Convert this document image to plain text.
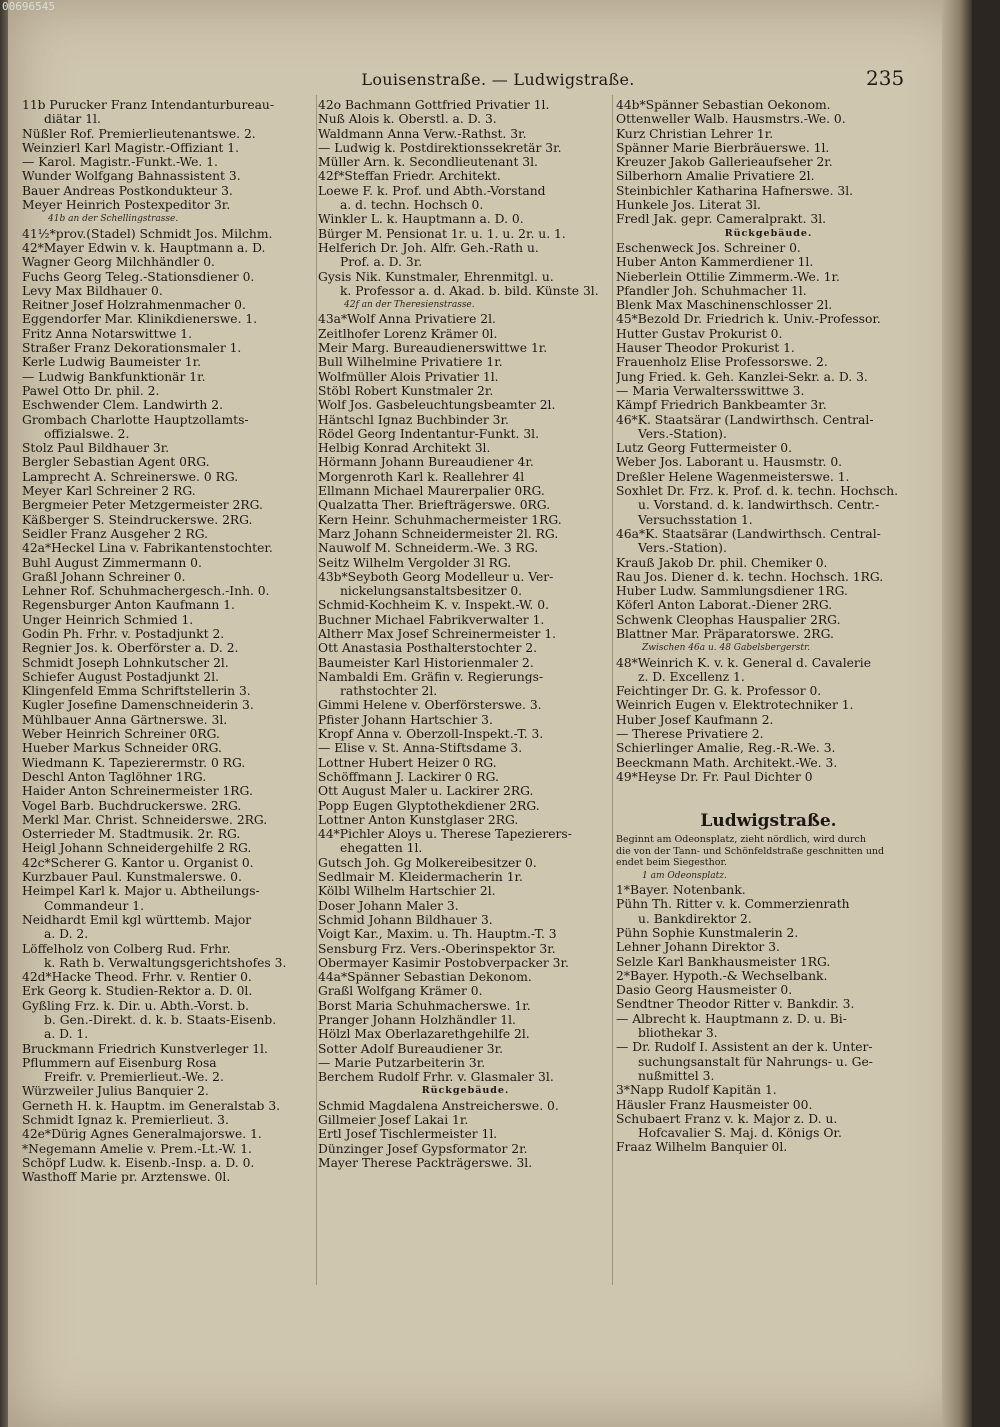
Louisenstraße. — Ludwigstraße.	235
11b Purucker Franz Intendanturbureau-
diätar 1l.
Nüßler Rof. Premierlieutenantswe. 2.
Weinzierl Karl Magistr.-Offiziant 1.
— Karol. Magistr.-Funkt.-We. 1.
Wunder Wolfgang Bahnassistent 3.
Bauer Andreas Postkondukteur 3.
Meyer Heinrich Postexpeditor 3r.
41b an der Schellingstrasse.
41½*prov.(Stadel) Schmidt Jos. Milchm.
42*Mayer Edwin v. k. Hauptmann a. D.
Wagner Georg Milchhändler 0.
Fuchs Georg Teleg.-Stationsdiener 0.
Levy Max Bildhauer 0.
Reitner Josef Holzrahmenmacher 0.
Eggendorfer Mar. Klinikdienerswe. 1.
Fritz Anna Notarswittwe 1.
Straßer Franz Dekorationsmaler 1.
Kerle Ludwig Baumeister 1r.
— Ludwig Bankfunktionär 1r.
Pawel Otto Dr. phil. 2.
Eschwender Clem. Landwirth 2.
Grombach Charlotte Hauptzollamts-
offizialswe. 2.
Stolz Paul Bildhauer 3r.
Bergler Sebastian Agent 0RG.
Lamprecht A. Schreinerswe. 0 RG.
Meyer Karl Schreiner 2 RG.
Bergmeier Peter Metzgermeister 2RG.
Käßberger S. Steindruckerswe. 2RG.
Seidler Franz Ausgeher 2 RG.
42a*Heckel Lina v. Fabrikantenstochter.
Buhl August Zimmermann 0.
Graßl Johann Schreiner 0.
Lehner Rof. Schuhmachergesch.-Inh. 0.
Regensburger Anton Kaufmann 1.
Unger Heinrich Schmied 1.
Godin Ph. Frhr. v. Postadjunkt 2.
Regnier Jos. k. Oberförster a. D. 2.
Schmidt Joseph Lohnkutscher 2l.
Schiefer August Postadjunkt 2l.
Klingenfeld Emma Schriftstellerin 3.
Kugler Josefine Damenschneiderin 3.
Mühlbauer Anna Gärtnerswe. 3l.
Weber Heinrich Schreiner 0RG.
Hueber Markus Schneider 0RG.
Wiedmann K. Tapezierermstr. 0 RG.
Deschl Anton Taglöhner 1RG.
Haider Anton Schreinermeister 1RG.
Vogel Barb. Buchdruckerswe. 2RG.
Merkl Mar. Christ. Schneiderswe. 2RG.
Osterrieder M. Stadtmusik. 2r. RG.
Heigl Johann Schneidergehilfe 2 RG.
42c*Scherer G. Kantor u. Organist 0.
Kurzbauer Paul. Kunstmalerswe. 0.
Heimpel Karl k. Major u. Abtheilungs-
Commandeur 1.
Neidhardt Emil kgl württemb. Major
a. D. 2.
Löffelholz von Colberg Rud. Frhr.
k. Rath b. Verwaltungsgerichtshofes 3.
42d*Hacke Theod. Frhr. v. Rentier 0.
Erk Georg k. Studien-Rektor a. D. 0l.
Gyßling Frz. k. Dir. u. Abth.-Vorst. b.
b. Gen.-Direkt. d. k. b. Staats-Eisenb.
a. D. 1.
Bruckmann Friedrich Kunstverleger 1l.
Pflummern auf Eisenburg Rosa
Freifr. v. Premierlieut.-We. 2.
Würzweiler Julius Banquier 2.
Gerneth H. k. Hauptm. im Generalstab 3.
Schmidt Ignaz k. Premierlieut. 3.
42e*Dürig Agnes Generalmajorswe. 1.
*Negemann Amelie v. Prem.-Lt.-W. 1.
Schöpf Ludw. k. Eisenb.-Insp. a. D. 0.
Wasthoff Marie pr. Arztenswe. 0l.
42o Bachmann Gottfried Privatier 1l.
Nuß Alois k. Oberstl. a. D. 3.
Waldmann Anna Verw.-Rathst. 3r.
— Ludwig k. Postdirektionssekretär 3r.
Müller Arn. k. Secondlieutenant 3l.
42f*Steffan Friedr. Architekt.
Loewe F. k. Prof. und Abth.-Vorstand
a. d. techn. Hochsch 0.
Winkler L. k. Hauptmann a. D. 0.
Bürger M. Pensionat 1r. u. 1. u. 2r. u. 1.
Helferich Dr. Joh. Alfr. Geh.-Rath u.
Prof. a. D. 3r.
Gysis Nik. Kunstmaler, Ehrenmitgl. u.
k. Professor a. d. Akad. b. bild. Künste 3l.
42f an der Theresienstrasse.
43a*Wolf Anna Privatiere 2l.
Zeitlhofer Lorenz Krämer 0l.
Meir Marg. Bureaudienerswittwe 1r.
Bull Wilhelmine Privatiere 1r.
Wolfmüller Alois Privatier 1l.
Stöbl Robert Kunstmaler 2r.
Wolf Jos. Gasbeleuchtungsbeamter 2l.
Häntschl Ignaz Buchbinder 3r.
Rödel Georg Indentantur-Funkt. 3l.
Helbig Konrad Architekt 3l.
Hörmann Johann Bureaudiener 4r.
Morgenroth Karl k. Reallehrer 4l
Ellmann Michael Maurerpalier 0RG.
Qualzatta Ther. Briefträgerswe. 0RG.
Kern Heinr. Schuhmachermeister 1RG.
Marz Johann Schneidermeister 2l. RG.
Nauwolf M. Schneiderm.-We. 3 RG.
Seitz Wilhelm Vergolder 3l RG.
43b*Seyboth Georg Modelleur u. Ver-
nickelungsanstaltsbesitzer 0.
Schmid-Kochheim K. v. Inspekt.-W. 0.
Buchner Michael Fabrikverwalter 1.
Altherr Max Josef Schreinermeister 1.
Ott Anastasia Posthalterstochter 2.
Baumeister Karl Historienmaler 2.
Nambaldi Em. Gräfin v. Regierungs-
rathstochter 2l.
Gimmi Helene v. Oberförsterswe. 3.
Pfister Johann Hartschier 3.
Kropf Anna v. Oberzoll-Inspekt.-T. 3.
— Elise v. St. Anna-Stiftsdame 3.
Lottner Hubert Heizer 0 RG.
Schöffmann J. Lackirer 0 RG.
Ott August Maler u. Lackirer 2RG.
Popp Eugen Glyptothekdiener 2RG.
Lottner Anton Kunstglaser 2RG.
44*Pichler Aloys u. Therese Tapezierers-
ehegatten 1l.
Gutsch Joh. Gg Molkereibesitzer 0.
Sedlmair M. Kleidermacherin 1r.
Kölbl Wilhelm Hartschier 2l.
Doser Johann Maler 3.
Schmid Johann Bildhauer 3.
Voigt Kar., Maxim. u. Th. Hauptm.-T. 3
Sensburg Frz. Vers.-Oberinspektor 3r.
Obermayer Kasimir Postobverpacker 3r.
44a*Spänner Sebastian Dekonom.
Graßl Wolfgang Krämer 0.
Borst Maria Schuhmacherswe. 1r.
Pranger Johann Holzhändler 1l.
Hölzl Max Oberlazarethgehilfe 2l.
Sotter Adolf Bureaudiener 3r.
— Marie Putzarbeiterin 3r.
Berchem Rudolf Frhr. v. Glasmaler 3l.
Rückgebäude.
Schmid Magdalena Anstreicherswe. 0.
Gillmeier Josef Lakai 1r.
Ertl Josef Tischlermeister 1l.
Dünzinger Josef Gypsformator 2r.
Mayer Therese Packträgerswe. 3l.
44b*Spänner Sebastian Oekonom.
Ottenweller Walb. Hausmstrs.-We. 0.
Kurz Christian Lehrer 1r.
Spänner Marie Bierbräuerswe. 1l.
Kreuzer Jakob Gallerieaufseher 2r.
Silberhorn Amalie Privatiere 2l.
Steinbichler Katharina Hafnerswe. 3l.
Hunkele Jos. Literat 3l.
Fredl Jak. gepr. Cameralprakt. 3l.
Rückgebäude.
Eschenweck Jos. Schreiner 0.
Huber Anton Kammerdiener 1l.
Nieberlein Ottilie Zimmerm.-We. 1r.
Pfandler Joh. Schuhmacher 1l.
Blenk Max Maschinenschlosser 2l.
45*Bezold Dr. Friedrich k. Univ.-Professor.
Hutter Gustav Prokurist 0.
Hauser Theodor Prokurist 1.
Frauenholz Elise Professorswe. 2.
Jung Fried. k. Geh. Kanzlei-Sekr. a. D. 3.
— Maria Verwaltersswittwe 3.
Kämpf Friedrich Bankbeamter 3r.
46*K. Staatsärar (Landwirthsch. Central-
Vers.-Station).
Lutz Georg Futtermeister 0.
Weber Jos. Laborant u. Hausmstr. 0.
Dreßler Helene Wagenmeisterswe. 1.
Soxhlet Dr. Frz. k. Prof. d. k. techn. Hochsch.
u. Vorstand. d. k. landwirthsch. Centr.-
Versuchsstation 1.
46a*K. Staatsärar (Landwirthsch. Central-
Vers.-Station).
Krauß Jakob Dr. phil. Chemiker 0.
Rau Jos. Diener d. k. techn. Hochsch. 1RG.
Huber Ludw. Sammlungsdiener 1RG.
Köferl Anton Laborat.-Diener 2RG.
Schwenk Cleophas Hauspalier 2RG.
Blattner Mar. Präparatorswe. 2RG.
Zwischen 46a u. 48 Gabelsbergerstr.
48*Weinrich K. v. k. General d. Cavalerie
z. D. Excellenz 1.
Feichtinger Dr. G. k. Professor 0.
Weinrich Eugen v. Elektrotechniker 1.
Huber Josef Kaufmann 2.
— Therese Privatiere 2.
Schierlinger Amalie, Reg.-R.-We. 3.
Beeckmann Math. Architekt.-We. 3.
49*Heyse Dr. Fr. Paul Dichter 0
Ludwigstraße.
Beginnt am Odeonsplatz, zieht nördlich, wird durch
die von der Tann- und Schönfeldstraße geschnitten und
endet beim Siegesthor.
1 am Odeonsplatz.
1*Bayer. Notenbank.
Pühn Th. Ritter v. k. Commerzienrath
u. Bankdirektor 2.
Pühn Sophie Kunstmalerin 2.
Lehner Johann Direktor 3.
Selzle Karl Bankhausmeister 1RG.
2*Bayer. Hypoth.-& Wechselbank.
Dasio Georg Hausmeister 0.
Sendtner Theodor Ritter v. Bankdir. 3.
— Albrecht k. Hauptmann z. D. u. Bi-
bliothekar 3.
— Dr. Rudolf I. Assistent an der k. Unter-
suchungsanstalt für Nahrungs- u. Ge-
nußmittel 3.
3*Napp Rudolf Kapitän 1.
Häusler Franz Hausmeister 00.
Schubaert Franz v. k. Major z. D. u.
Hofcavalier S. Maj. d. Königs Or.
Fraaz Wilhelm Banquier 0l.
00696545
